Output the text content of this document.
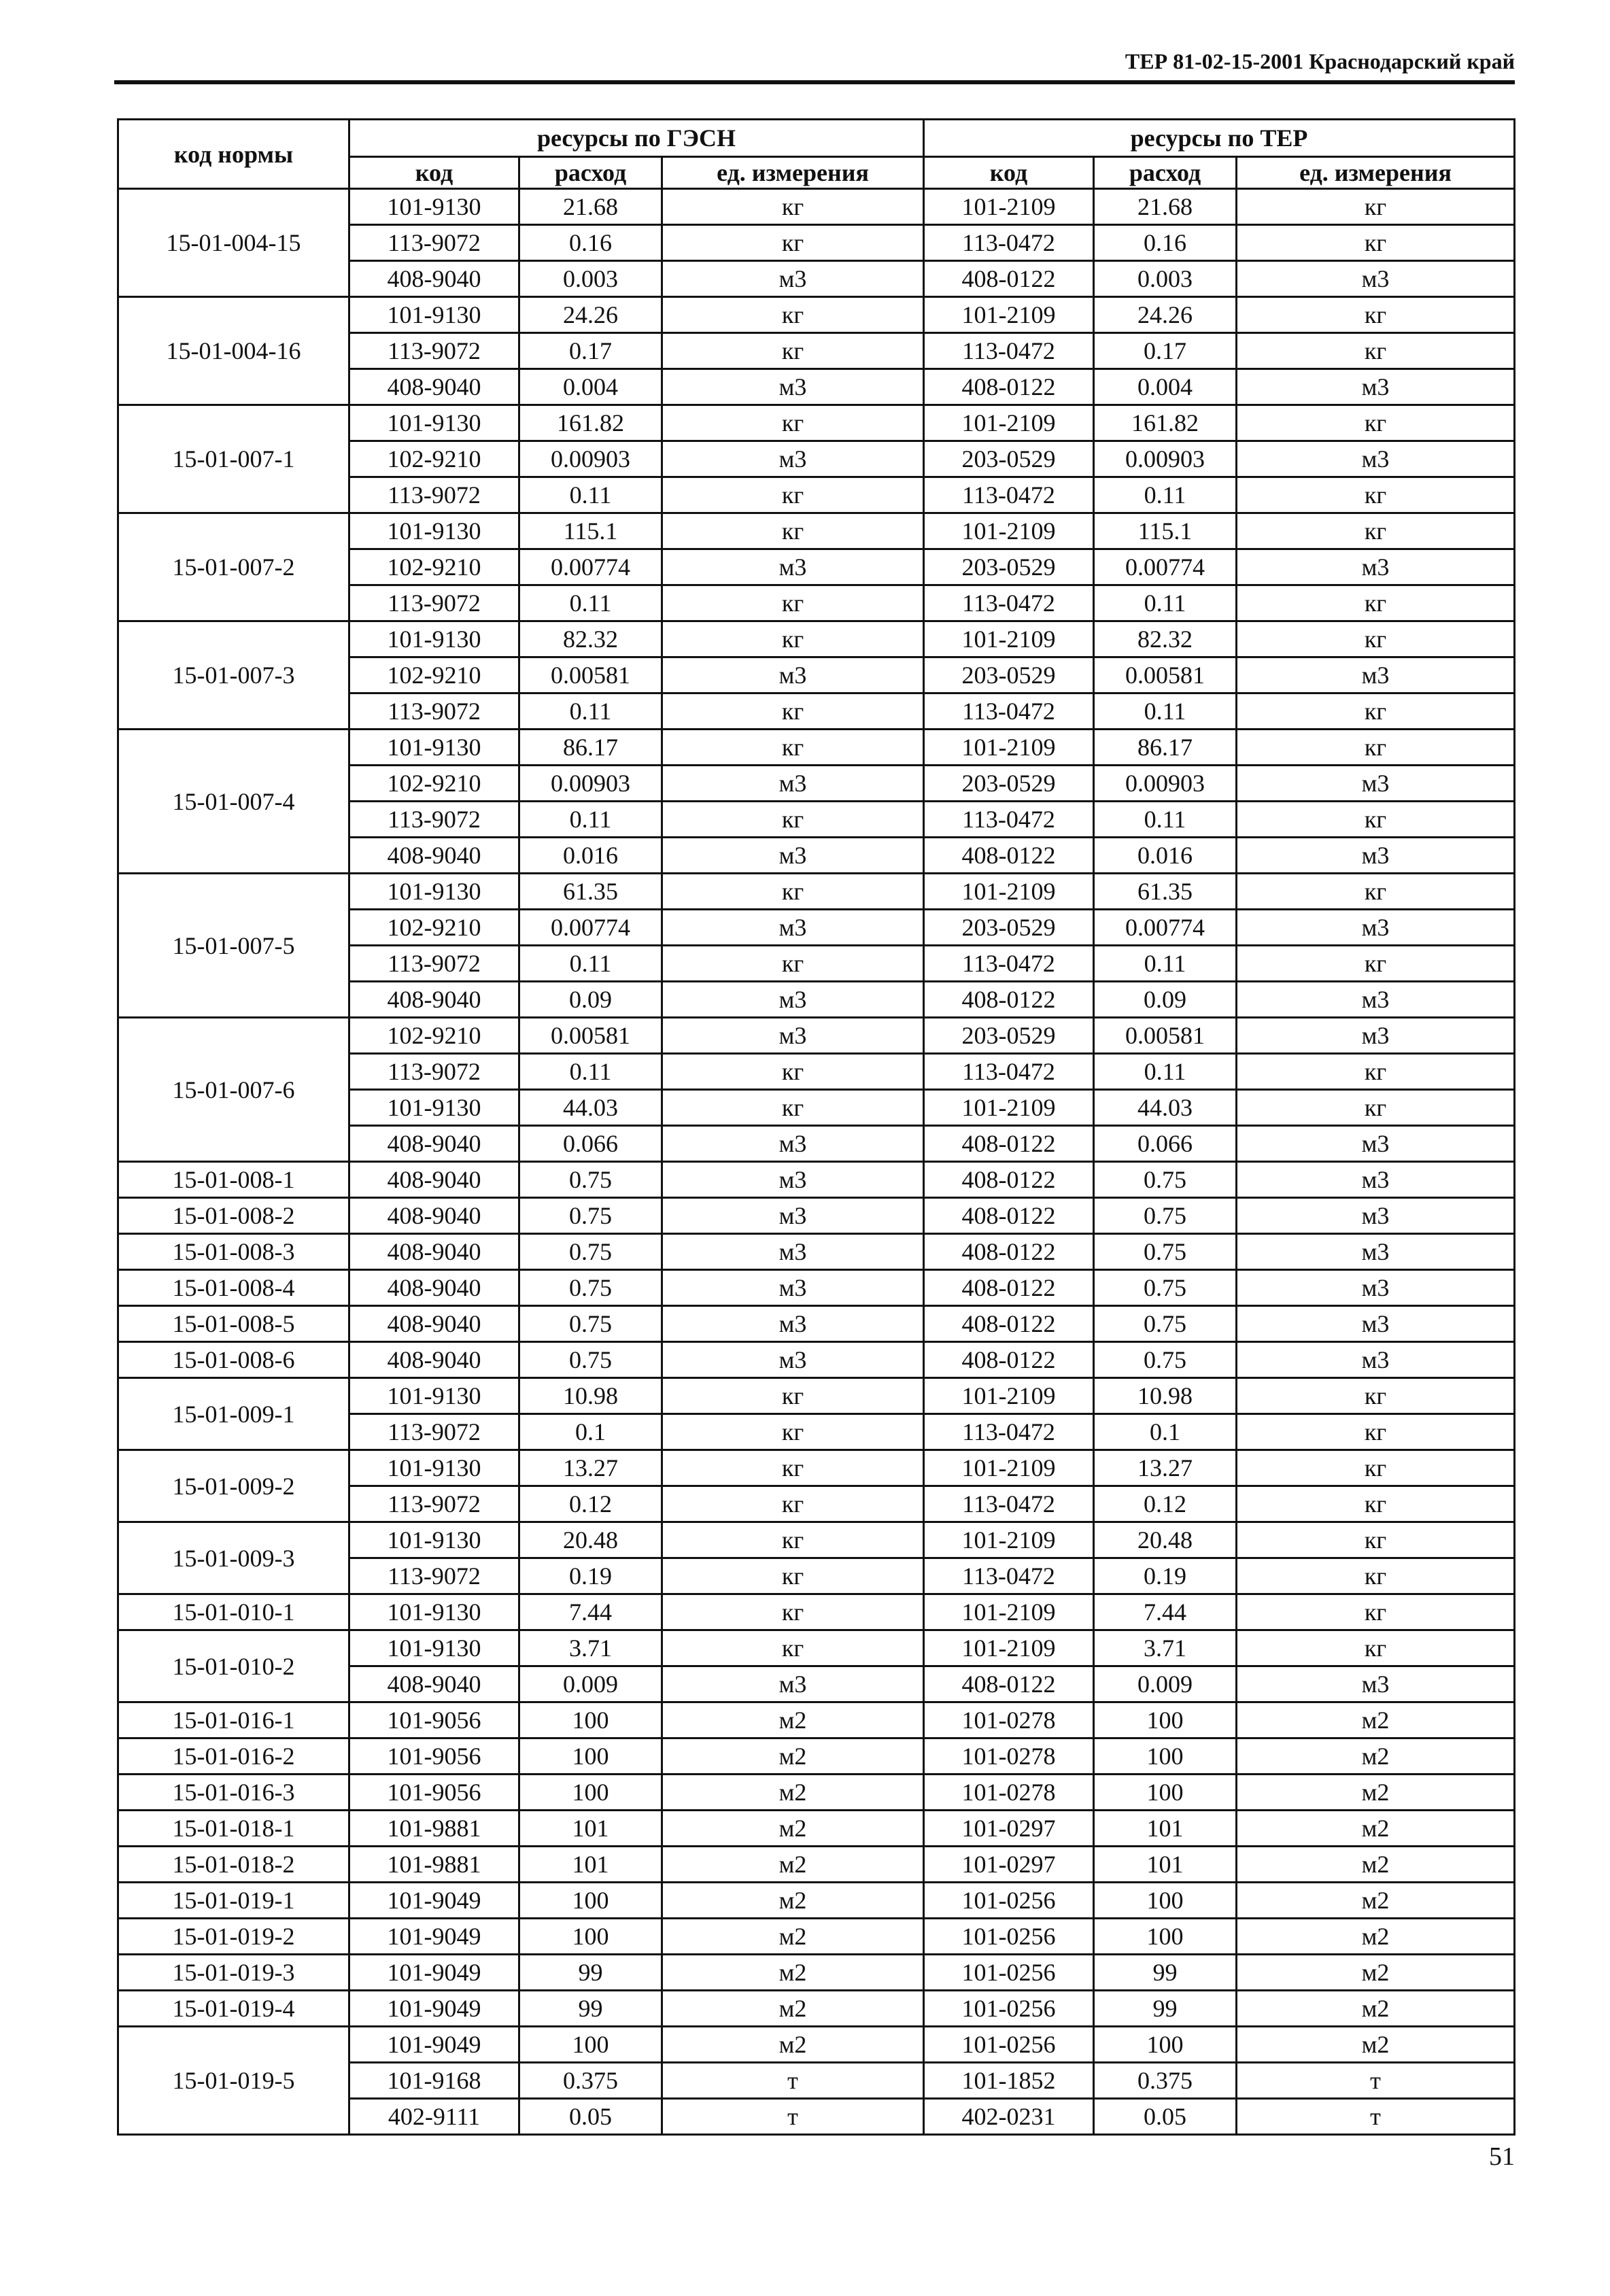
ТЕР 81-02-15-2001 Краснодарский край
код нормы	ресурсы по ГЭСН			ресурсы по ТЕР		
	код	расход	ед. измерения	код	расход	ед. измерения
15-01-004-15	101-9130	21.68	кг	101-2109	21.68	кг
	113-9072	0.16	кг	113-0472	0.16	кг
	408-9040	0.003	м3	408-0122	0.003	м3
15-01-004-16	101-9130	24.26	кг	101-2109	24.26	кг
	113-9072	0.17	кг	113-0472	0.17	кг
	408-9040	0.004	м3	408-0122	0.004	м3
15-01-007-1	101-9130	161.82	кг	101-2109	161.82	кг
	102-9210	0.00903	м3	203-0529	0.00903	м3
	113-9072	0.11	кг	113-0472	0.11	кг
15-01-007-2	101-9130	115.1	кг	101-2109	115.1	кг
	102-9210	0.00774	м3	203-0529	0.00774	м3
	113-9072	0.11	кг	113-0472	0.11	кг
15-01-007-3	101-9130	82.32	кг	101-2109	82.32	кг
	102-9210	0.00581	м3	203-0529	0.00581	м3
	113-9072	0.11	кг	113-0472	0.11	кг
15-01-007-4	101-9130	86.17	кг	101-2109	86.17	кг
	102-9210	0.00903	м3	203-0529	0.00903	м3
	113-9072	0.11	кг	113-0472	0.11	кг
	408-9040	0.016	м3	408-0122	0.016	м3
15-01-007-5	101-9130	61.35	кг	101-2109	61.35	кг
	102-9210	0.00774	м3	203-0529	0.00774	м3
	113-9072	0.11	кг	113-0472	0.11	кг
	408-9040	0.09	м3	408-0122	0.09	м3
15-01-007-6	102-9210	0.00581	м3	203-0529	0.00581	м3
	113-9072	0.11	кг	113-0472	0.11	кг
	101-9130	44.03	кг	101-2109	44.03	кг
	408-9040	0.066	м3	408-0122	0.066	м3
15-01-008-1	408-9040	0.75	м3	408-0122	0.75	м3
15-01-008-2	408-9040	0.75	м3	408-0122	0.75	м3
15-01-008-3	408-9040	0.75	м3	408-0122	0.75	м3
15-01-008-4	408-9040	0.75	м3	408-0122	0.75	м3
15-01-008-5	408-9040	0.75	м3	408-0122	0.75	м3
15-01-008-6	408-9040	0.75	м3	408-0122	0.75	м3
15-01-009-1	101-9130	10.98	кг	101-2109	10.98	кг
	113-9072	0.1	кг	113-0472	0.1	кг
15-01-009-2	101-9130	13.27	кг	101-2109	13.27	кг
	113-9072	0.12	кг	113-0472	0.12	кг
15-01-009-3	101-9130	20.48	кг	101-2109	20.48	кг
	113-9072	0.19	кг	113-0472	0.19	кг
15-01-010-1	101-9130	7.44	кг	101-2109	7.44	кг
15-01-010-2	101-9130	3.71	кг	101-2109	3.71	кг
	408-9040	0.009	м3	408-0122	0.009	м3
15-01-016-1	101-9056	100	м2	101-0278	100	м2
15-01-016-2	101-9056	100	м2	101-0278	100	м2
15-01-016-3	101-9056	100	м2	101-0278	100	м2
15-01-018-1	101-9881	101	м2	101-0297	101	м2
15-01-018-2	101-9881	101	м2	101-0297	101	м2
15-01-019-1	101-9049	100	м2	101-0256	100	м2
15-01-019-2	101-9049	100	м2	101-0256	100	м2
15-01-019-3	101-9049	99	м2	101-0256	99	м2
15-01-019-4	101-9049	99	м2	101-0256	99	м2
15-01-019-5	101-9049	100	м2	101-0256	100	м2
	101-9168	0.375	т	101-1852	0.375	т
	402-9111	0.05	т	402-0231	0.05	т
51
